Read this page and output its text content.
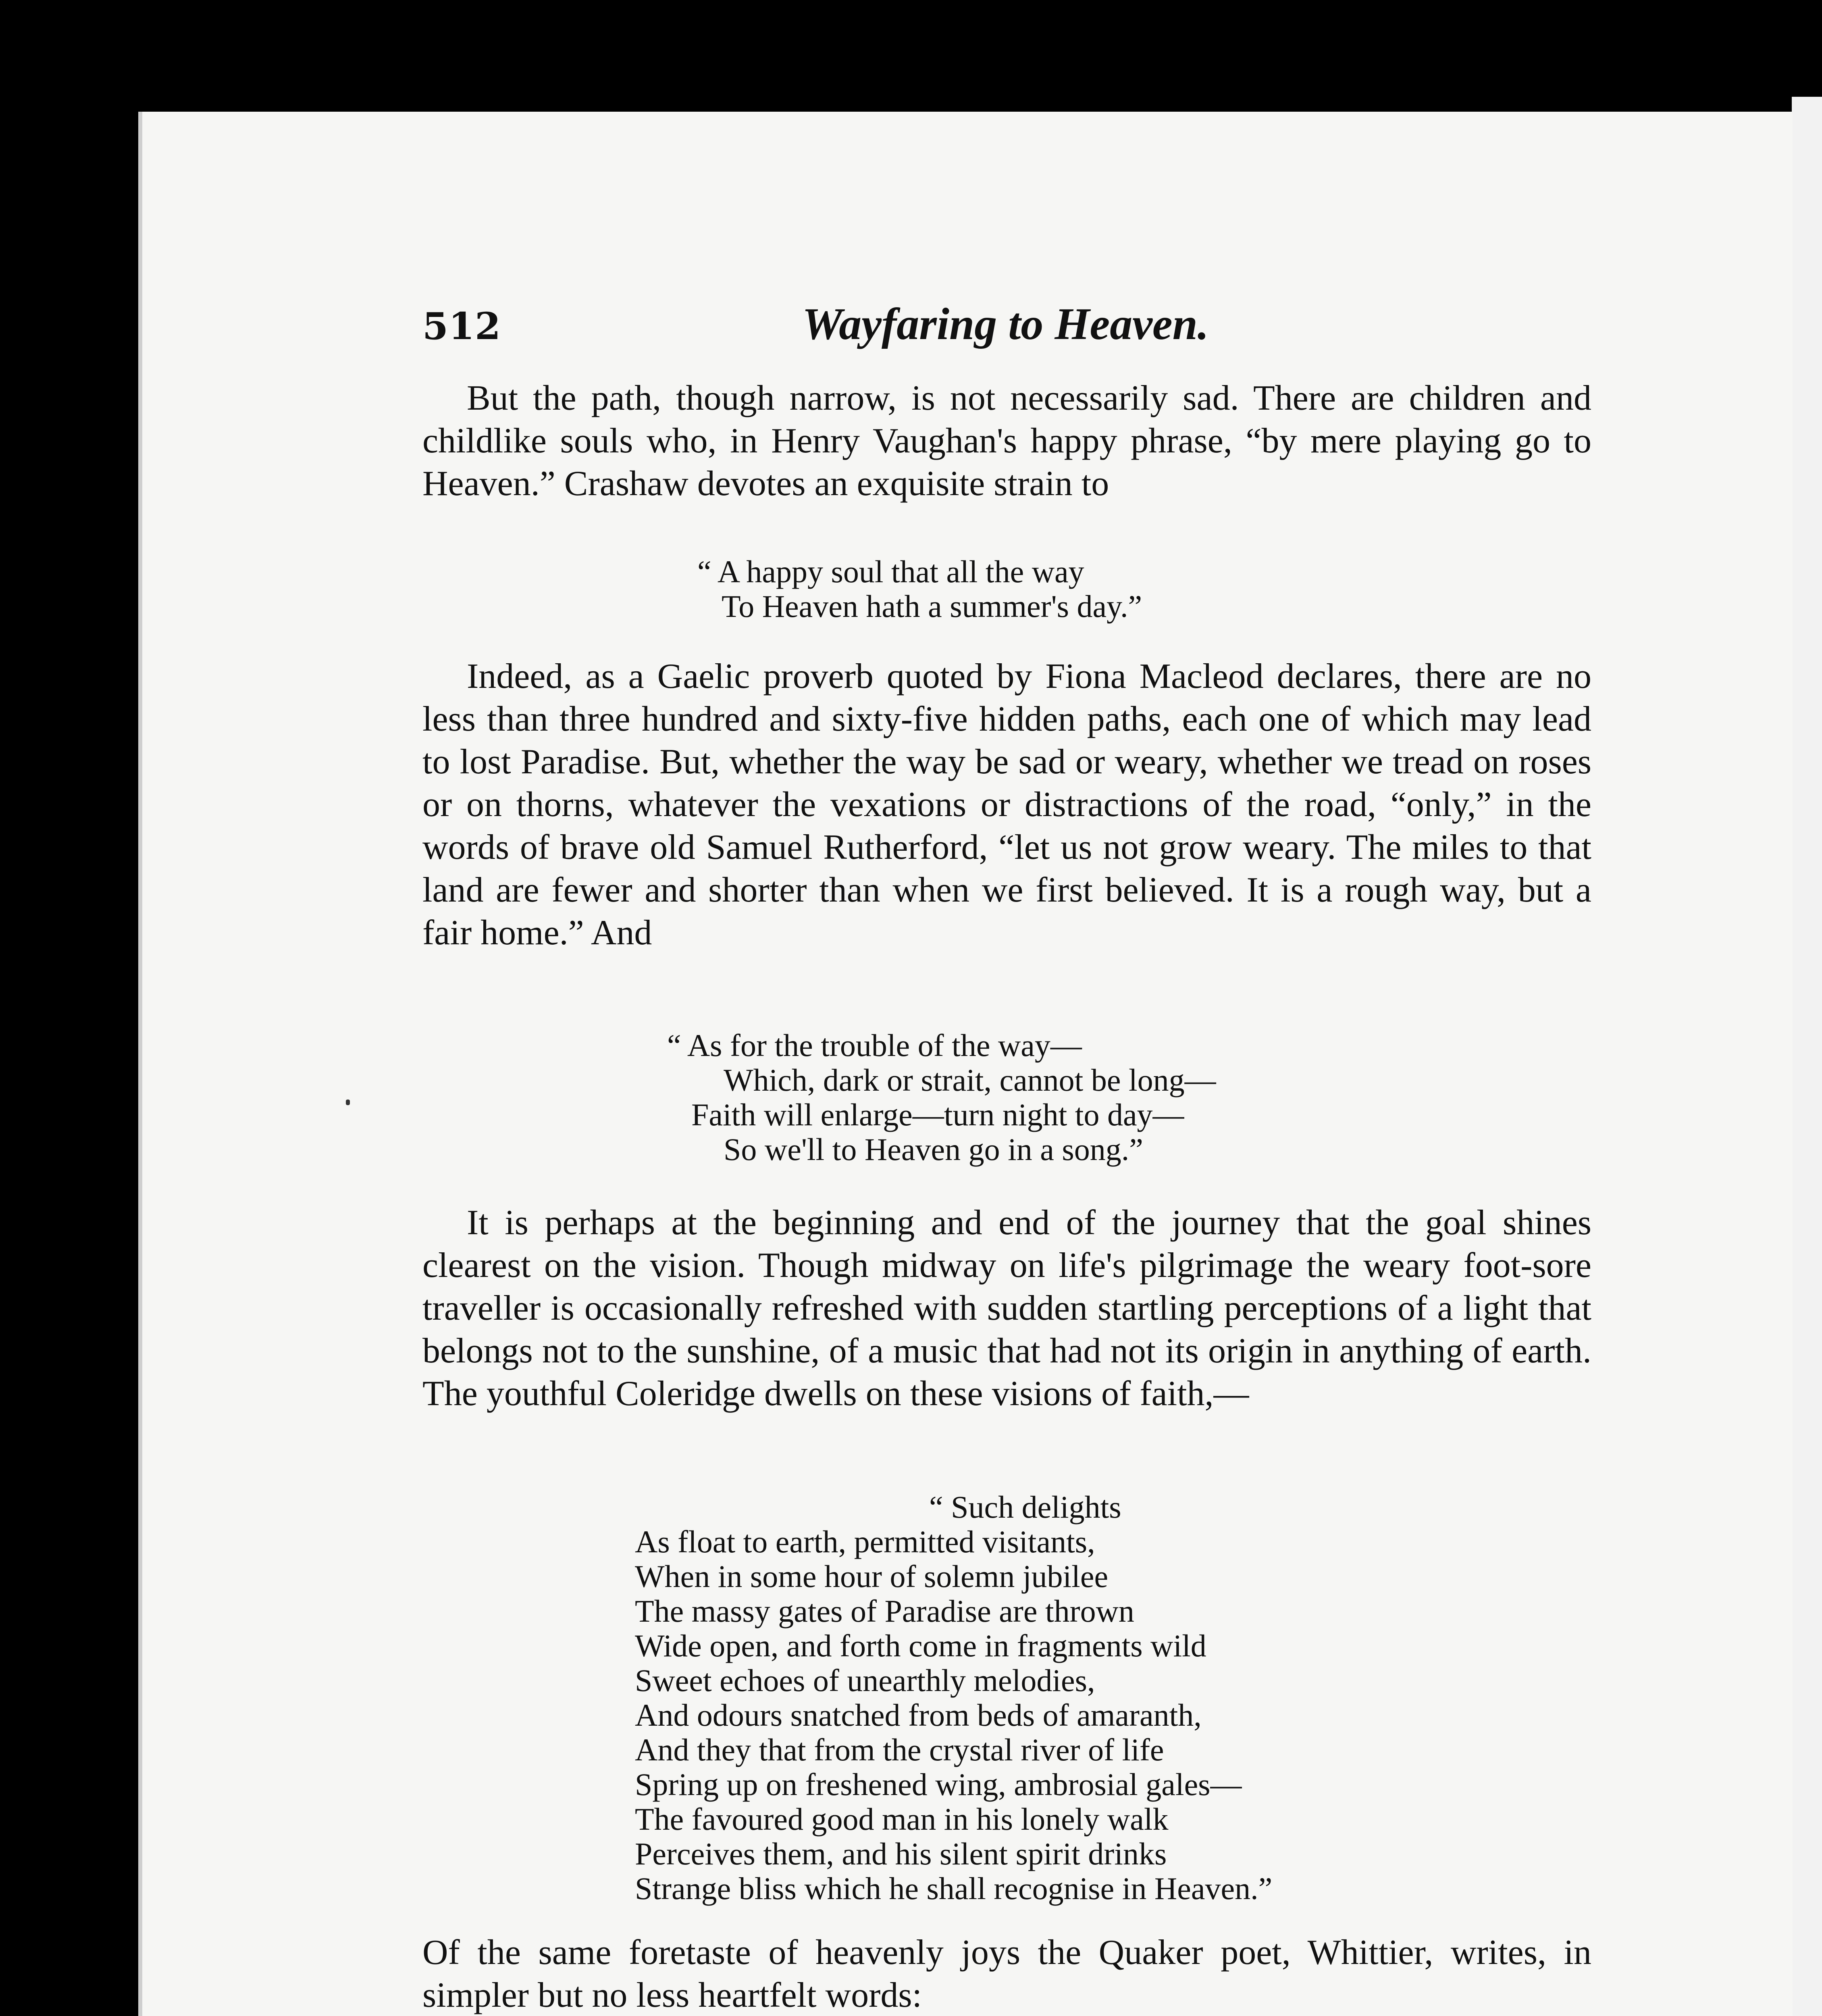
512	Wayfaring to Heaven.

But the path, though narrow, is not necessarily sad. There are children and childlike souls who, in Henry Vaughan's happy phrase, “by mere playing go to Heaven.” Crashaw devotes an exquisite strain to

“ A happy soul that all the way
To Heaven hath a summer's day.”

Indeed, as a Gaelic proverb quoted by Fiona Macleod declares, there are no less than three hundred and sixty-five hidden paths, each one of which may lead to lost Paradise. But, whether the way be sad or weary, whether we tread on roses or on thorns, whatever the vexations or distractions of the road, “only,” in the words of brave old Samuel Rutherford, “let us not grow weary. The miles to that land are fewer and shorter than when we first believed. It is a rough way, but a fair home.” And

“ As for the trouble of the way—
Which, dark or strait, cannot be long—
Faith will enlarge—turn night to day—
So we'll to Heaven go in a song.”

It is perhaps at the beginning and end of the journey that the goal shines clearest on the vision. Though midway on life's pilgrimage the weary foot-sore traveller is occasionally refreshed with sudden startling perceptions of a light that belongs not to the sunshine, of a music that had not its origin in anything of earth. The youthful Coleridge dwells on these visions of faith,—

“ Such delights
As float to earth, permitted visitants,
When in some hour of solemn jubilee
The massy gates of Paradise are thrown
Wide open, and forth come in fragments wild
Sweet echoes of unearthly melodies,
And odours snatched from beds of amaranth,
And they that from the crystal river of life
Spring up on freshened wing, ambrosial gales—
The favoured good man in his lonely walk
Perceives them, and his silent spirit drinks
Strange bliss which he shall recognise in Heaven.”

Of the same foretaste of heavenly joys the Quaker poet, Whittier, writes, in simpler but no less heartfelt words:
